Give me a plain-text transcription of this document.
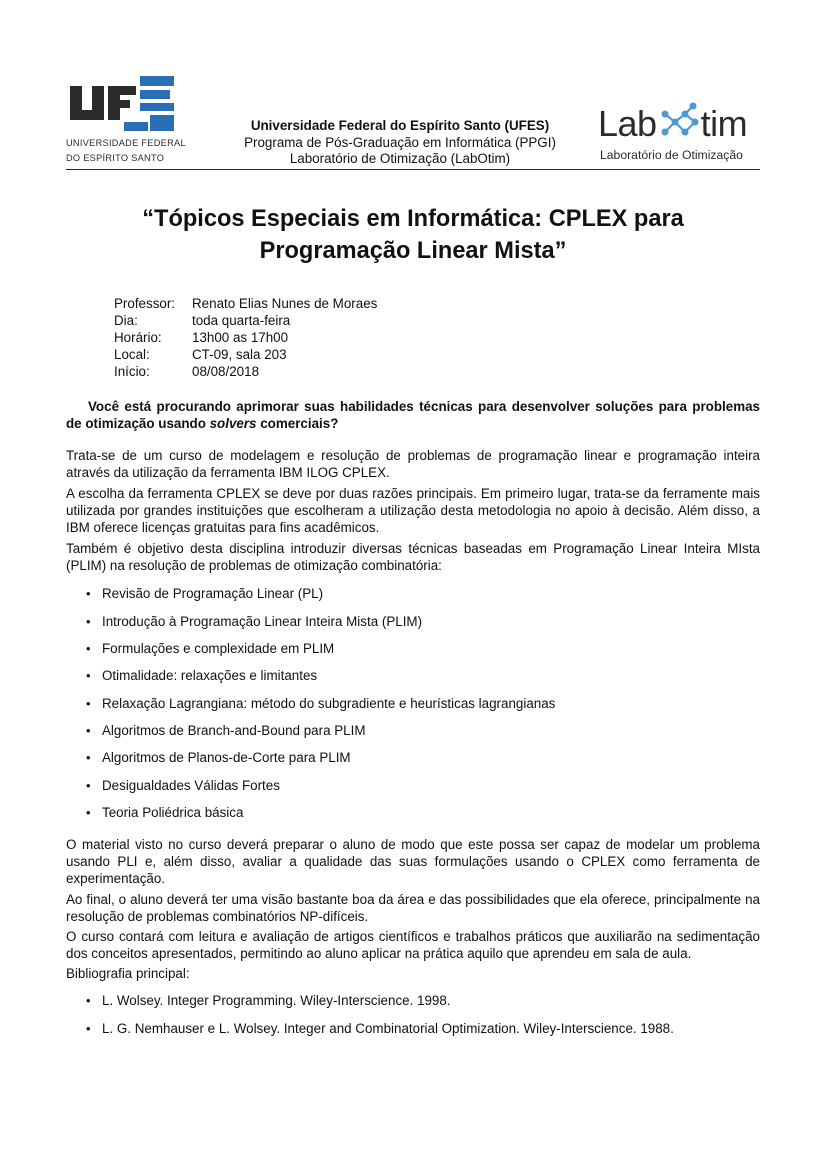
UNIVERSIDADE FEDERAL
DO ESPÍRITO SANTO
Universidade Federal do Espírito Santo (UFES)
Programa de Pós-Graduação em Informática (PPGI)
Laboratório de Otimização (LabOtim)
Lab tim
Laboratório de Otimização
“Tópicos Especiais em Informática: CPLEX para
Programação Linear Mista”
Professor:	Renato Elias Nunes de Moraes
Dia:	toda quarta-feira
Horário:	13h00 as 17h00
Local:	CT-09, sala 203
Início:	08/08/2018
Você está procurando aprimorar suas habilidades técnicas para desenvolver soluções para problemas de otimização usando solvers comerciais?
Trata-se de um curso de modelagem e resolução de problemas de programação linear e programação inteira através da utilização da ferramenta IBM ILOG CPLEX.
A escolha da ferramenta CPLEX se deve por duas razões principais. Em primeiro lugar, trata-se da ferramente mais utilizada por grandes instituições que escolheram a utilização desta metodologia no apoio à decisão. Além disso, a IBM oferece licenças gratuitas para fins acadêmicos.
Também é objetivo desta disciplina introduzir diversas técnicas baseadas em Programação Linear Inteira MIsta (PLIM) na resolução de problemas de otimização combinatória:
• Revisão de Programação Linear (PL)
• Introdução à Programação Linear Inteira Mista (PLIM)
• Formulações e complexidade em PLIM
• Otimalidade: relaxações e limitantes
• Relaxação Lagrangiana: método do subgradiente e heurísticas lagrangianas
• Algoritmos de Branch-and-Bound para PLIM
• Algoritmos de Planos-de-Corte para PLIM
• Desigualdades Válidas Fortes
• Teoria Poliédrica básica
O material visto no curso deverá preparar o aluno de modo que este possa ser capaz de modelar um problema usando PLI e, além disso, avaliar a qualidade das suas formulações usando o CPLEX como ferramenta de experimentação.
Ao final, o aluno deverá ter uma visão bastante boa da área e das possibilidades que ela oferece, principalmente na resolução de problemas combinatórios NP-difíceis.
O curso contará com leitura e avaliação de artigos científicos e trabalhos práticos que auxiliarão na sedimentação dos conceitos apresentados, permitindo ao aluno aplicar na prática aquilo que aprendeu em sala de aula.
Bibliografia principal:
• L. Wolsey. Integer Programming. Wiley-Interscience. 1998.
• L. G. Nemhauser e L. Wolsey. Integer and Combinatorial Optimization. Wiley-Interscience. 1988.
